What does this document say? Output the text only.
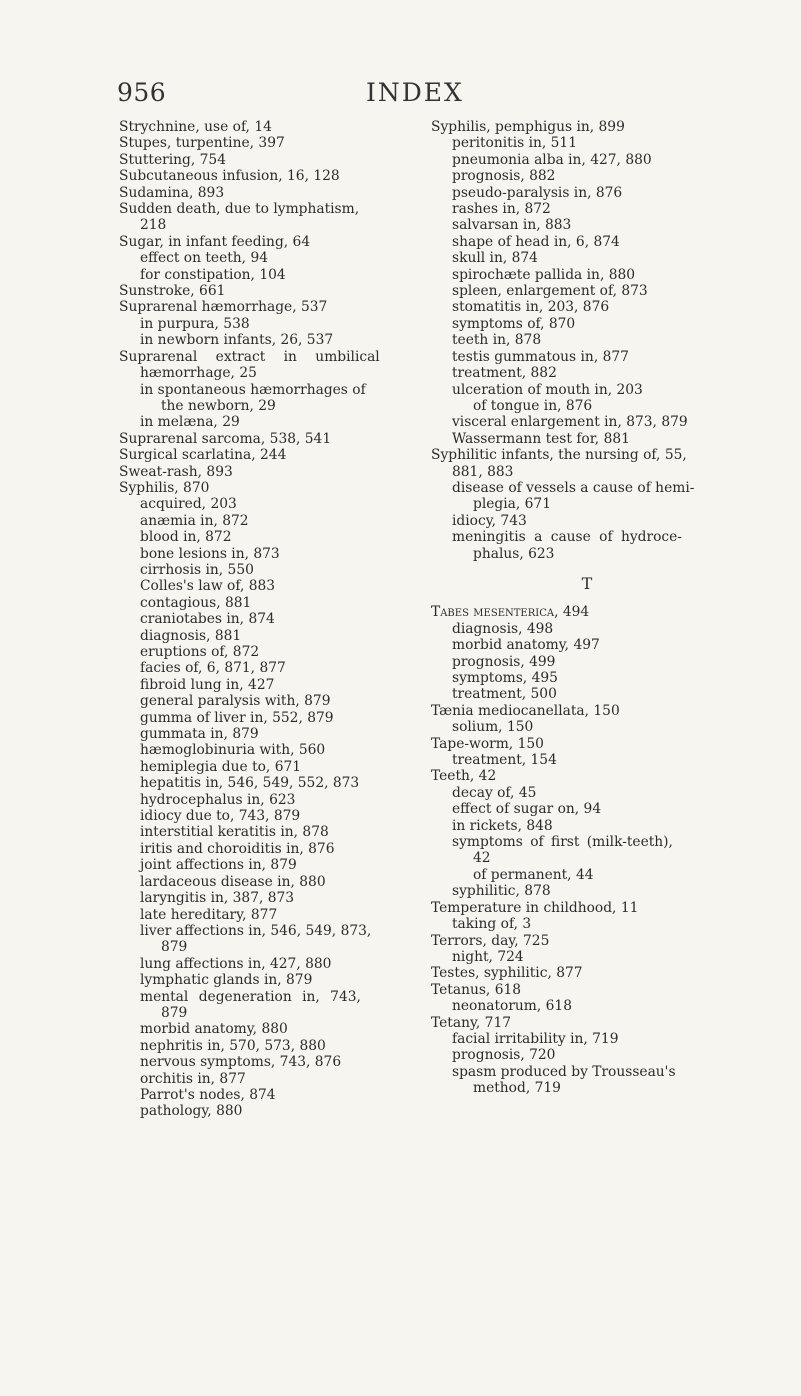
956	INDEX
Strychnine, use of, 14
Stupes, turpentine, 397
Stuttering, 754
Subcutaneous infusion, 16, 128
Sudamina, 893
Sudden death, due to lymphatism,
218
Sugar, in infant feeding, 64
effect on teeth, 94
for constipation, 104
Sunstroke, 661
Suprarenal hæmorrhage, 537
in purpura, 538
in newborn infants, 26, 537
Suprarenal extract in umbilical
hæmorrhage, 25
in spontaneous hæmorrhages of
the newborn, 29
in melæna, 29
Suprarenal sarcoma, 538, 541
Surgical scarlatina, 244
Sweat-rash, 893
Syphilis, 870
acquired, 203
anæmia in, 872
blood in, 872
bone lesions in, 873
cirrhosis in, 550
Colles's law of, 883
contagious, 881
craniotabes in, 874
diagnosis, 881
eruptions of, 872
facies of, 6, 871, 877
fibroid lung in, 427
general paralysis with, 879
gumma of liver in, 552, 879
gummata in, 879
hæmoglobinuria with, 560
hemiplegia due to, 671
hepatitis in, 546, 549, 552, 873
hydrocephalus in, 623
idiocy due to, 743, 879
interstitial keratitis in, 878
iritis and choroiditis in, 876
joint affections in, 879
lardaceous disease in, 880
laryngitis in, 387, 873
late hereditary, 877
liver affections in, 546, 549, 873,
879
lung affections in, 427, 880
lymphatic glands in, 879
mental degeneration in, 743,
879
morbid anatomy, 880
nephritis in, 570, 573, 880
nervous symptoms, 743, 876
orchitis in, 877
Parrot's nodes, 874
pathology, 880
Syphilis, pemphigus in, 899
peritonitis in, 511
pneumonia alba in, 427, 880
prognosis, 882
pseudo-paralysis in, 876
rashes in, 872
salvarsan in, 883
shape of head in, 6, 874
skull in, 874
spirochæte pallida in, 880
spleen, enlargement of, 873
stomatitis in, 203, 876
symptoms of, 870
teeth in, 878
testis gummatous in, 877
treatment, 882
ulceration of mouth in, 203
of tongue in, 876
visceral enlargement in, 873, 879
Wassermann test for, 881
Syphilitic infants, the nursing of, 55,
881, 883
disease of vessels a cause of hemi-
plegia, 671
idiocy, 743
meningitis a cause of hydroce-
phalus, 623
T
Tabes mesenterica, 494
diagnosis, 498
morbid anatomy, 497
prognosis, 499
symptoms, 495
treatment, 500
Tænia mediocanellata, 150
solium, 150
Tape-worm, 150
treatment, 154
Teeth, 42
decay of, 45
effect of sugar on, 94
in rickets, 848
symptoms of first (milk-teeth),
42
of permanent, 44
syphilitic, 878
Temperature in childhood, 11
taking of, 3
Terrors, day, 725
night, 724
Testes, syphilitic, 877
Tetanus, 618
neonatorum, 618
Tetany, 717
facial irritability in, 719
prognosis, 720
spasm produced by Trousseau's
method, 719
